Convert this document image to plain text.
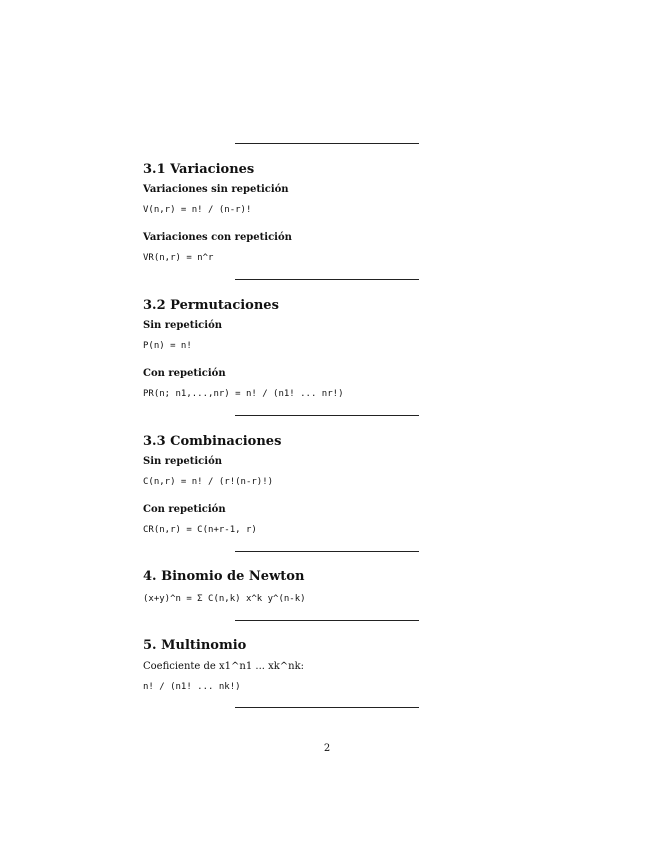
3.1 Variaciones
Variaciones sin repetición
V(n,r) = n! / (n-r)!
Variaciones con repetición
VR(n,r) = n^r
3.2 Permutaciones
Sin repetición
P(n) = n!
Con repetición
PR(n; n1,...,nr) = n! / (n1! ... nr!)
3.3 Combinaciones
Sin repetición
C(n,r) = n! / (r!(n-r)!)
Con repetición
CR(n,r) = C(n+r-1, r)
4. Binomio de Newton
(x+y)^n = Σ C(n,k) x^k y^(n-k)
5. Multinomio
Coeficiente de x1^n1 ... xk^nk:
n! / (n1! ... nk!)
2
